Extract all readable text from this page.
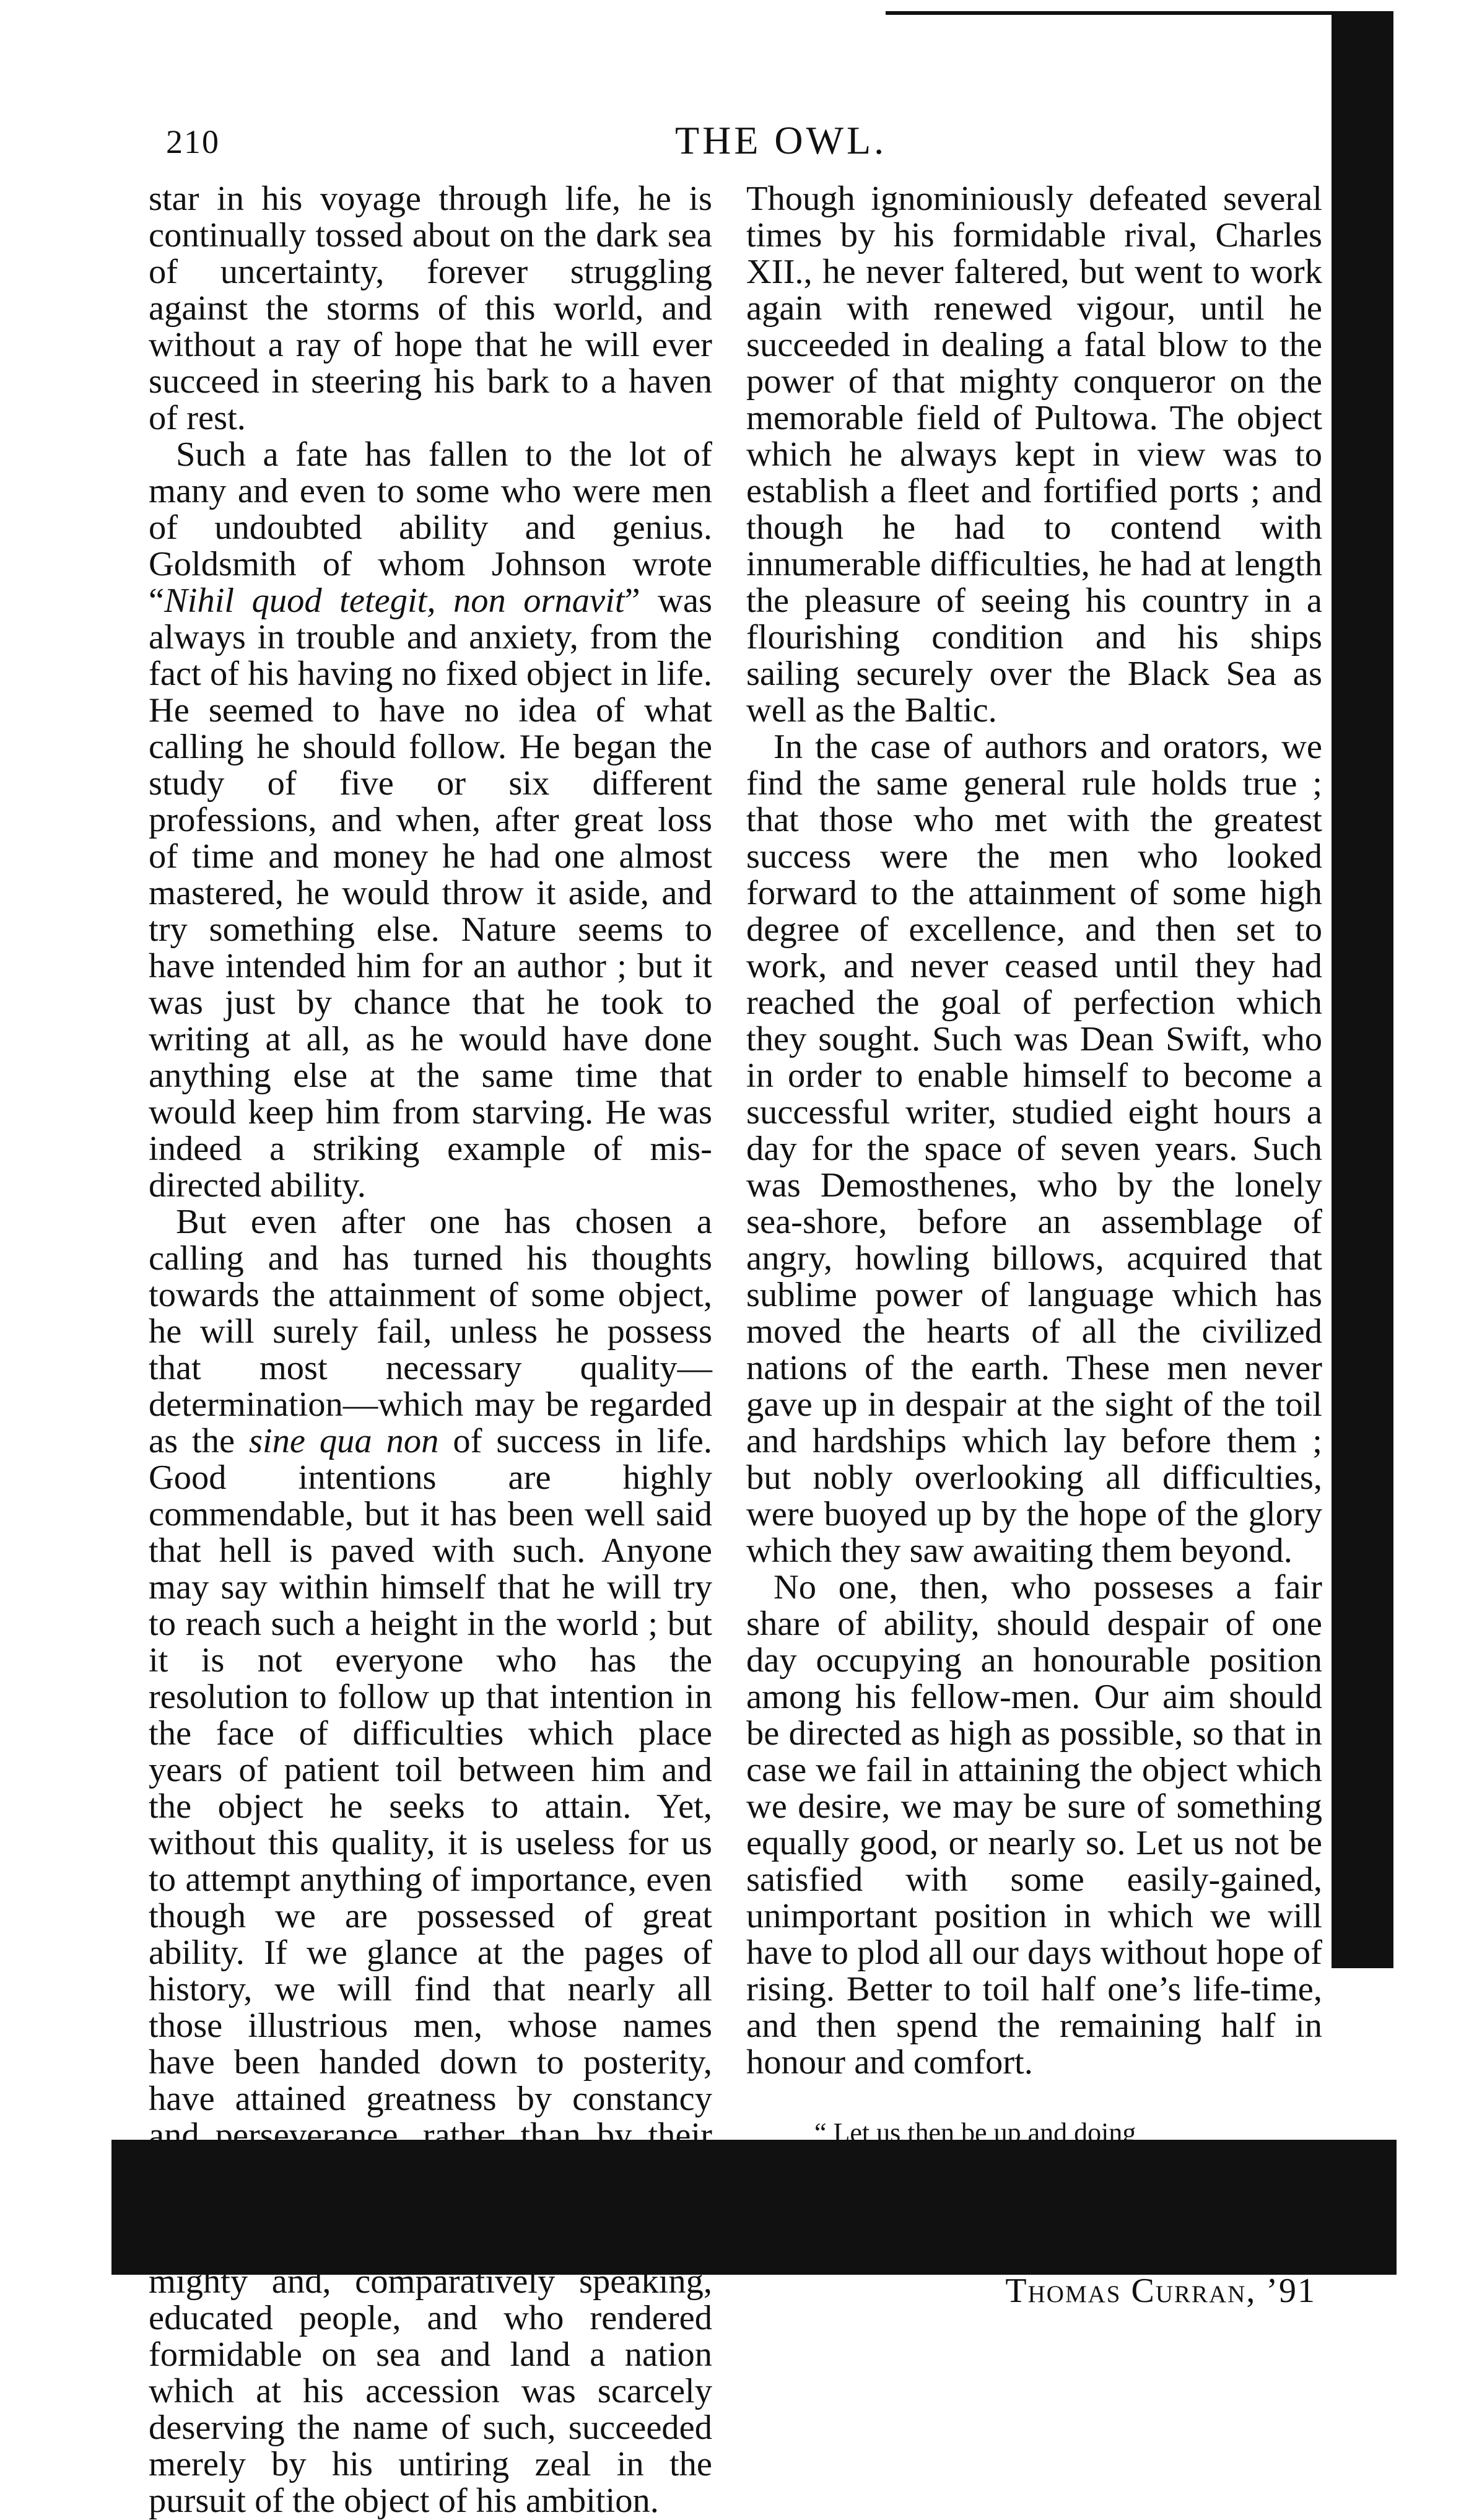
210	THE OWL.

star in his voyage through life, he is continually tossed about on the dark sea of uncertainty, forever struggling against the storms of this world, and without a ray of hope that he will ever succeed in steering his bark to a haven of rest.

Such a fate has fallen to the lot of many and even to some who were men of undoubted ability and genius. Goldsmith of whom Johnson wrote “Nihil quod tetegit, non ornavit” was always in trouble and anxiety, from the fact of his having no fixed object in life. He seemed to have no idea of what calling he should follow. He began the study of five or six different professions, and when, after great loss of time and money he had one almost mastered, he would throw it aside, and try something else. Nature seems to have intended him for an author ; but it was just by chance that he took to writing at all, as he would have done anything else at the same time that would keep him from starving. He was indeed a striking example of mis-directed ability.

But even after one has chosen a calling and has turned his thoughts towards the attainment of some object, he will surely fail, unless he possess that most necessary quality—determination—which may be regarded as the sine qua non of success in life. Good intentions are highly commendable, but it has been well said that hell is paved with such. Anyone may say within himself that he will try to reach such a height in the world ; but it is not everyone who has the resolution to follow up that intention in the face of difficulties which place years of patient toil between him and the object he seeks to attain. Yet, without this quality, it is useless for us to attempt anything of importance, even though we are possessed of great ability. If we glance at the pages of history, we will find that nearly all those illustrious men, whose names have been handed down to posterity, have attained greatness by constancy and perseverance, rather than by their genius, however great it may have been.

Peter the Great, who transformed some hordes of semi-barbarians into a mighty and, comparatively speaking, educated people, and who rendered formidable on sea and land a nation which at his accession was scarcely deserving the name of such, succeeded merely by his untiring zeal in the pursuit of the object of his ambition.

Though ignominiously defeated several times by his formidable rival, Charles XII., he never faltered, but went to work again with renewed vigour, until he succeeded in dealing a fatal blow to the power of that mighty conqueror on the memorable field of Pultowa. The object which he always kept in view was to establish a fleet and fortified ports ; and though he had to contend with innumerable difficulties, he had at length the pleasure of seeing his country in a flourishing condition and his ships sailing securely over the Black Sea as well as the Baltic.

In the case of authors and orators, we find the same general rule holds true ; that those who met with the greatest success were the men who looked forward to the attainment of some high degree of excellence, and then set to work, and never ceased until they had reached the goal of perfection which they sought. Such was Dean Swift, who in order to enable himself to become a successful writer, studied eight hours a day for the space of seven years. Such was Demosthenes, who by the lonely sea-shore, before an assemblage of angry, howling billows, acquired that sublime power of language which has moved the hearts of all the civilized nations of the earth. These men never gave up in despair at the sight of the toil and hardships which lay before them ; but nobly overlooking all difficulties, were buoyed up by the hope of the glory which they saw awaiting them beyond.

No one, then, who posseses a fair share of ability, should despair of one day occupying an honourable position among his fellow-men. Our aim should be directed as high as possible, so that in case we fail in attaining the object which we desire, we may be sure of something equally good, or nearly so. Let us not be satisfied with some easily-gained, unimportant position in which we will have to plod all our days without hope of rising. Better to toil half one’s life-time, and then spend the remaining half in honour and comfort.

“ Let us then be up and doing
With a heart for any fate ;
Still achieving, still pursuing,
Learn to labour and to wait.”
Thomas Curran, ’91
